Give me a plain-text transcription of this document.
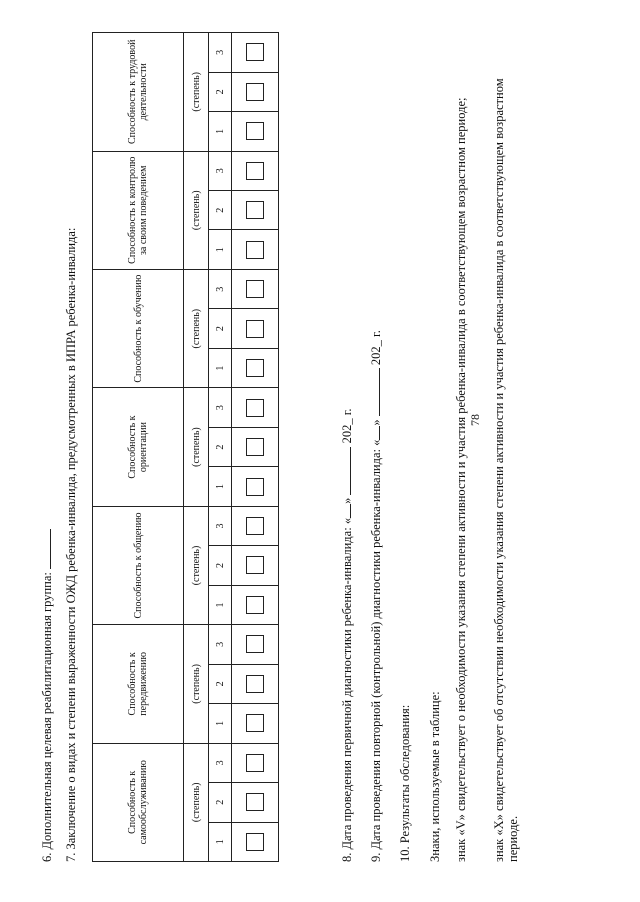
78
6. Дополнительная целевая реабилитационная группа: 7. Заключение о видах и степени выраженности ОЖД ребенка-инвалида, предусмотренных в ИПРА ребенка-инвалида:	Способность к самообслуживанию			Способность к передвижению			Способность к общению			Способность к ориентации			Способность к обучению			Способность к контролю за своим поведением			Способность к трудовой деятельности		
(степень)			(степень)			(степень)			(степень)			(степень)			(степень)			(степень)		
1	2	3	1	2	3	1	2	3	1	2	3	1	2	3	1	2	3	1	2	3

8. Дата проведения первичной диагностики ребенка-инвалида: «»  202_ г.
9. Дата проведения повторной (контрольной) диагностики ребенка-инвалида: «»  202_ г.
10. Результаты обследования: Знаки, используемые в таблице: знак «V» свидетельствует о необходимости указания степени активности и участия ребенка-инвалида в соответствующем возрастном периоде; знак «X» свидетельствует об отсутствии необходимости указания степени активности и участия ребенка-инвалида в соответствующем возрастном периоде.
